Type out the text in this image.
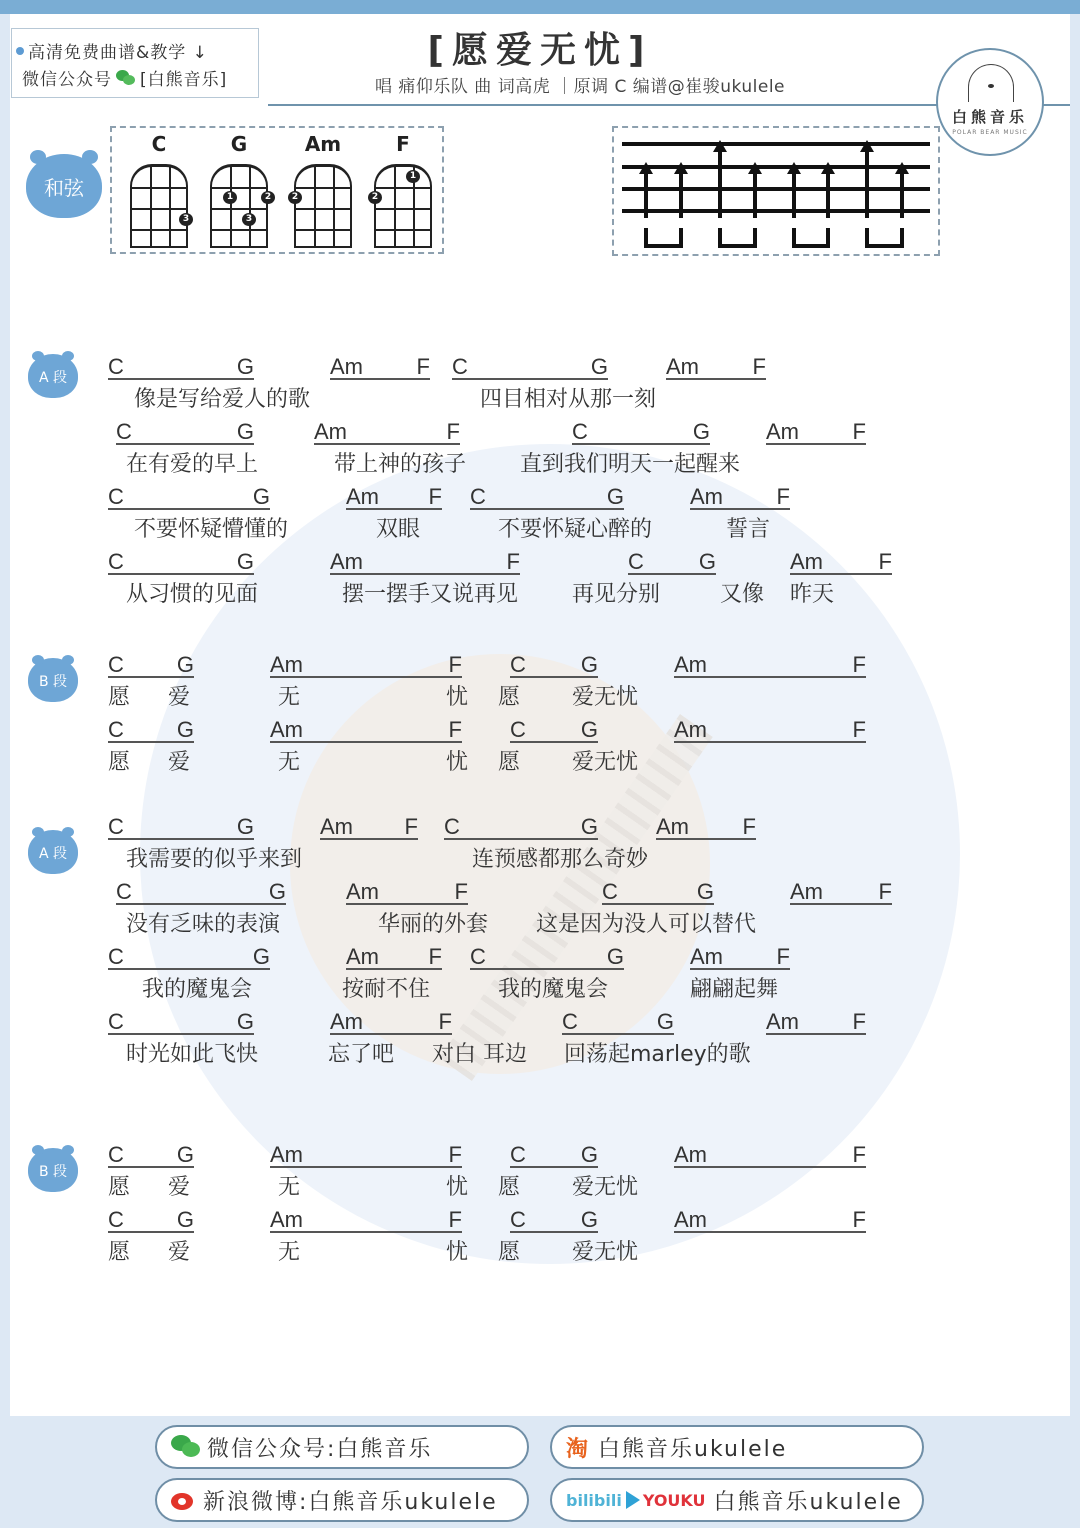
高清免费曲谱&教学 ↓
微信公众号 [白熊音乐]
[愿爱无忧]
唱 痛仰乐队 曲 词高虎 ｜原调 C 编谱@崔骏ukulele
白熊音乐
POLAR BEAR MUSIC
和弦
C
3
G
1	2
3
Am
2
F
1
2
A 段	C	G	Am F C	G	Am F
像是写给爱人的歌	四目相对从那一刻
C	G	Am	F	C	G	Am F
在有爱的早上	带上神的孩子 直到我们明天一起醒来
C	G	Am F C	G	Am F
不要怀疑懵懂的	双眼	不要怀疑心醉的	誓言
C	G	Am	F	C G	Am	F
从习惯的见面	摆一摆手又说再见 再见分别	又像 昨天
B 段
C G	Am	F C G	Am	F
愿 爱	无	忧 愿 爱无忧
C G	Am	F C G	Am	F
愿 爱	无	忧 愿 爱无忧
A 段
C	G	Am F C	G	Am F
我需要的似乎来到	连预感都那么奇妙
C	G	Am	F	C	G	Am	F
没有乏味的表演	华丽的外套 这是因为没人可以替代
C	G	Am F C	G	Am F
我的魔鬼会	按耐不住	我的魔鬼会	翩翩起舞
C	G	Am	F	C	G	Am F
时光如此飞快	忘了吧 对白 耳边 回荡起marley的歌
B 段
C G	Am	F C G	Am	F
愿 爱	无	忧 愿 爱无忧
C G	Am	F C G	Am	F
愿 爱	无	忧 愿 爱无忧
微信公众号:白熊音乐
新浪微博:白熊音乐ukulele
淘 白熊音乐ukulele
bilibili YOUKU 白熊音乐ukulele
